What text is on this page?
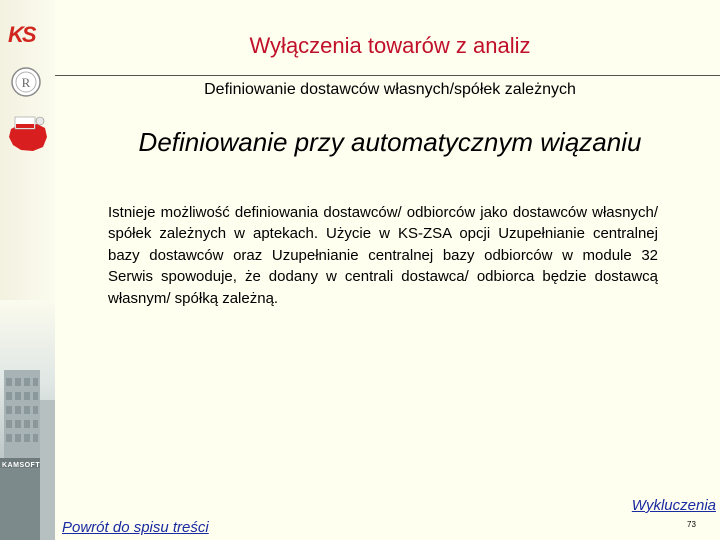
KS
R
KAMSOFT
Wyłączenia towarów z analiz
Definiowanie dostawców własnych/spółek zależnych
Definiowanie przy automatycznym wiązaniu
Istnieje możliwość definiowania dostawców/ odbiorców jako dostawców własnych/ spółek zależnych w aptekach. Użycie w KS-ZSA opcji Uzupełnianie centralnej bazy dostawców oraz Uzupełnianie centralnej bazy odbiorców w module 32 Serwis spowoduje, że dodany w centrali dostawca/ odbiorca będzie dostawcą własnym/ spółką zależną.
Wykluczenia
Powrót do spisu treści	73
